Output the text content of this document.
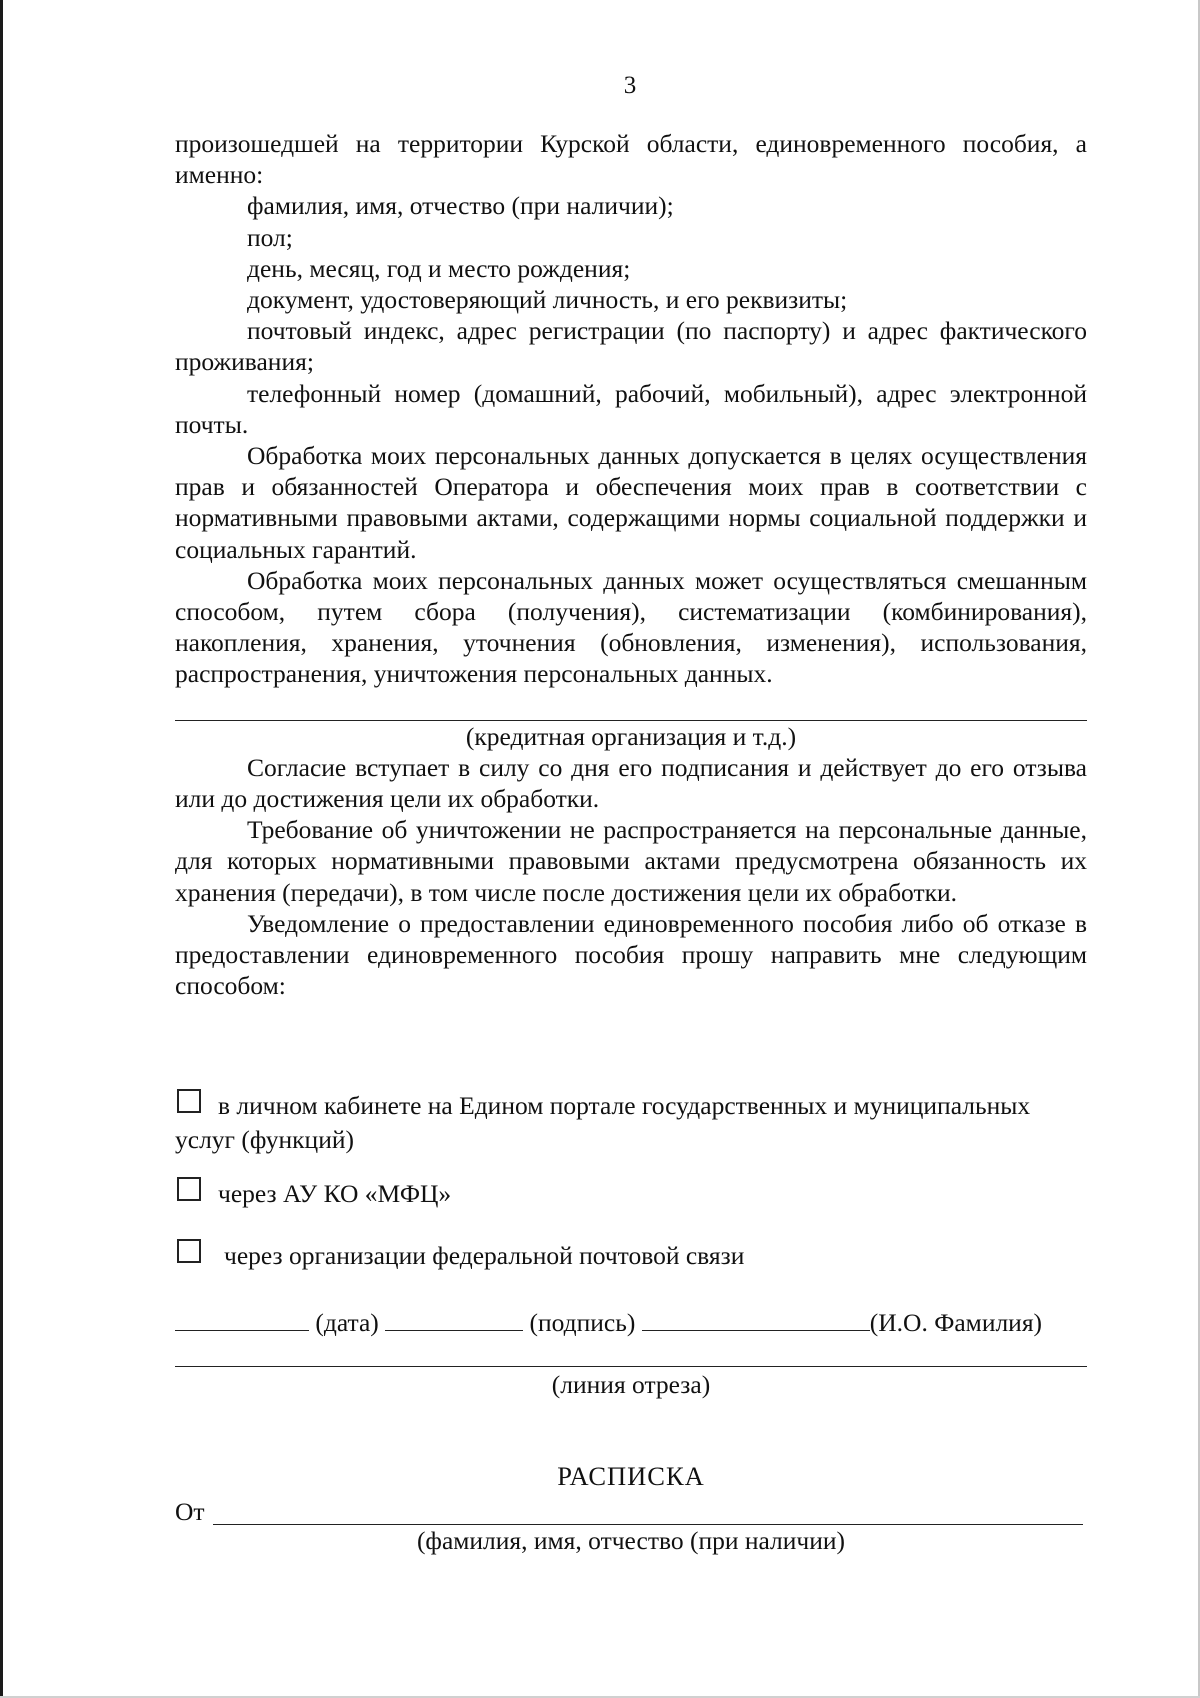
3

произошедшей на территории Курской области, единовременного пособия, а

именно:

фамилия, имя, отчество (при наличии);

пол;

день, месяц, год и место рождения;

документ, удостоверяющий личность, и его реквизиты;

почтовый индекс, адрес регистрации (по паспорту) и адрес фактического проживания;

телефонный номер (домашний, рабочий, мобильный), адрес электронной почты.

Обработка моих персональных данных допускается в целях осуществления прав и обязанностей Оператора и обеспечения моих прав в соответствии с нормативными правовыми актами, содержащими нормы социальной поддержки и социальных гарантий.

Обработка моих персональных данных может осуществляться смешанным способом, путем сбора (получения), систематизации (комбинирования), накопления, хранения, уточнения (обновления, изменения), использования, распространения, уничтожения персональных данных.

(кредитная организация и т.д.)

Согласие вступает в силу со дня его подписания и действует до его отзыва или до достижения цели их обработки.

Требование об уничтожении не распространяется на персональные данные, для которых нормативными правовыми актами предусмотрена обязанность их хранения (передачи), в том числе после достижения цели их обработки.

Уведомление о предоставлении единовременного пособия либо об отказе в предоставлении единовременного пособия прошу направить мне следующим способом:

в личном кабинете на Едином портале государственных и муниципальных услуг (функций)
через АУ КО «МФЦ»
через организации федеральной почтовой связи
(дата)	(подпись)	(И.О. Фамилия)
(линия отреза)
РАСПИСКА
От
(фамилия, имя, отчество (при наличии)
